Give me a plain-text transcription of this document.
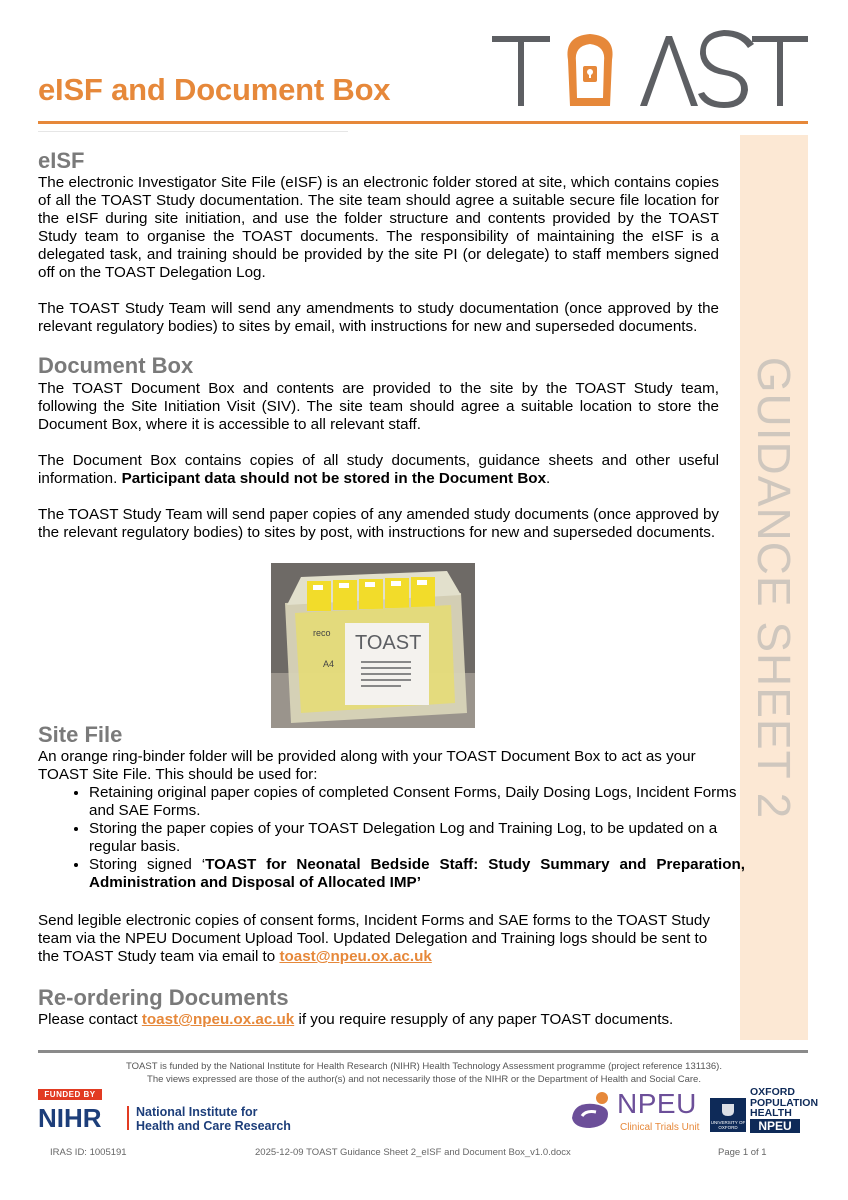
eISF and Document Box
GUIDANCE SHEET 2
eISF

The electronic Investigator Site File (eISF) is an electronic folder stored at site, which contains copies of all the TOAST Study documentation. The site team should agree a suitable secure file location for the eISF during site initiation, and use the folder structure and contents provided by the TOAST Study team to organise the TOAST documents. The responsibility of maintaining the eISF is a delegated task, and training should be provided by the site PI (or delegate) to staff members signed off on the TOAST Delegation Log.

The TOAST Study Team will send any amendments to study documentation (once approved by the relevant regulatory bodies) to sites by email, with instructions for new and superseded documents.

Document Box

The TOAST Document Box and contents are provided to the site by the TOAST Study team, following the Site Initiation Visit (SIV). The site team should agree a suitable location to store the Document Box, where it is accessible to all relevant staff.

The Document Box contains copies of all study documents, guidance sheets and other useful information. Participant data should not be stored in the Document Box.

The TOAST Study Team will send paper copies of any amended study documents (once approved by the relevant regulatory bodies) to sites by post, with instructions for new and superseded documents.

TOAST
reco
A4
Site File

An orange ring-binder folder will be provided along with your TOAST Document Box to act as your TOAST Site File. This should be used for:

• Retaining original paper copies of completed Consent Forms, Daily Dosing Logs, Incident Forms and SAE Forms.
• Storing the paper copies of your TOAST Delegation Log and Training Log, to be updated on a regular basis.
• Storing signed ‘TOAST for Neonatal Bedside Staff: Study Summary and Preparation, Administration and Disposal of Allocated IMP’

Send legible electronic copies of consent forms, Incident Forms and SAE forms to the TOAST Study team via the NPEU Document Upload Tool. Updated Delegation and Training logs should be sent to the TOAST Study team via email to toast@npeu.ox.ac.uk

Re-ordering Documents

Please contact toast@npeu.ox.ac.uk if you require resupply of any paper TOAST documents.

TOAST is funded by the National Institute for Health Research (NIHR) Health Technology Assessment programme (project reference 131136).
The views expressed are those of the author(s) and not necessarily those of the NIHR or the Department of Health and Social Care.
FUNDED BY
NIHR	National Institute for
Health and Care Research
NPEU
Clinical Trials Unit	UNIVERSITY OF OXFORD
OXFORD
POPULATION
HEALTH
NPEU
IRAS ID: 1005191	2025-12-09 TOAST Guidance Sheet 2_eISF and Document Box_v1.0.docx	Page 1 of 1
